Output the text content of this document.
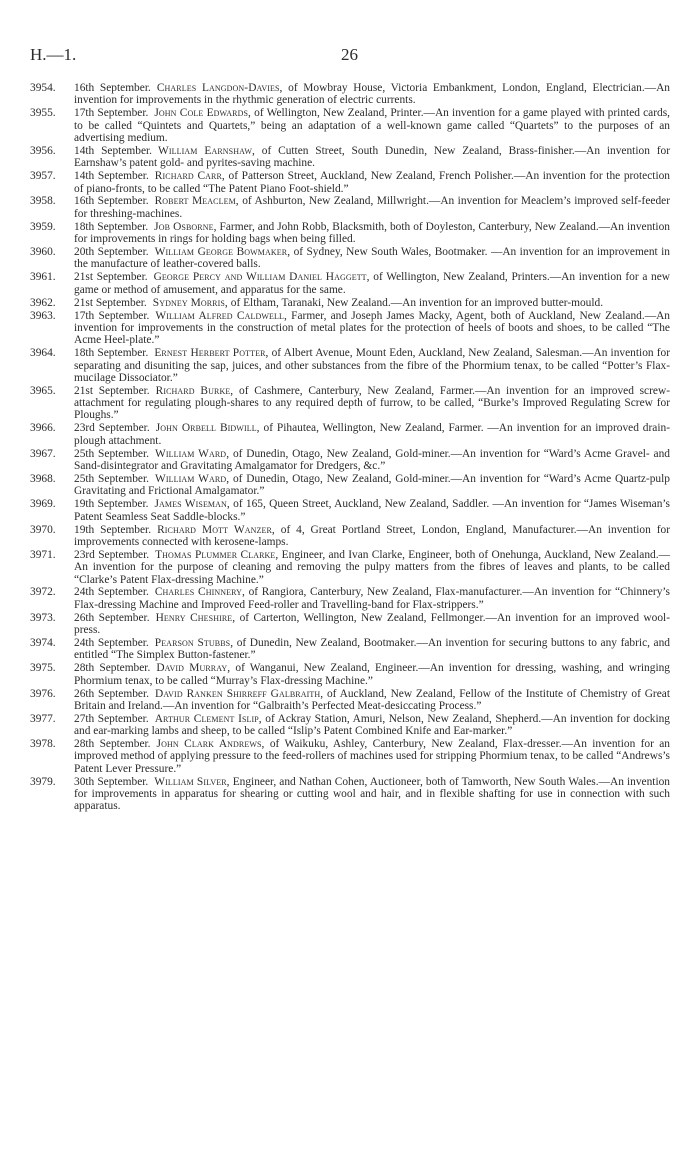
H.—1.	26
3954. 16th September. Charles Langdon-Davies, of Mowbray House, Victoria Embankment, London, England, Electrician.—An invention for improvements in the rhythmic generation of electric currents.
3955. 17th September. John Cole Edwards, of Wellington, New Zealand, Printer.—An invention for a game played with printed cards, to be called “Quintets and Quartets,” being an adaptation of a well-known game called “Quartets” to the purposes of an advertising medium.
3956. 14th September. William Earnshaw, of Cutten Street, South Dunedin, New Zealand, Brass-finisher.—An invention for Earnshaw’s patent gold- and pyrites-saving machine.
3957. 14th September. Richard Carr, of Patterson Street, Auckland, New Zealand, French Polisher.—An invention for the protection of piano-fronts, to be called “The Patent Piano Foot-shield.”
3958. 16th September. Robert Meaclem, of Ashburton, New Zealand, Millwright.—An invention for Meaclem’s improved self-feeder for threshing-machines.
3959. 18th September. Job Osborne, Farmer, and John Robb, Blacksmith, both of Doyleston, Canterbury, New Zealand.—An invention for improvements in rings for holding bags when being filled.
3960. 20th September. William George Bowmaker, of Sydney, New South Wales, Bootmaker. —An invention for an improvement in the manufacture of leather-covered balls.
3961. 21st September. George Percy and William Daniel Haggett, of Wellington, New Zealand, Printers.—An invention for a new game or method of amusement, and apparatus for the same.
3962. 21st September. Sydney Morris, of Eltham, Taranaki, New Zealand.—An invention for an improved butter-mould.
3963. 17th September. William Alfred Caldwell, Farmer, and Joseph James Macky, Agent, both of Auckland, New Zealand.—An invention for improvements in the construction of metal plates for the protection of heels of boots and shoes, to be called “The Acme Heel-plate.”
3964. 18th September. Ernest Herbert Potter, of Albert Avenue, Mount Eden, Auckland, New Zealand, Salesman.—An invention for separating and disuniting the sap, juices, and other substances from the fibre of the Phormium tenax, to be called “Potter’s Flax-mucilage Dissociator.”
3965. 21st September. Richard Burke, of Cashmere, Canterbury, New Zealand, Farmer.—An invention for an improved screw-attachment for regulating plough-shares to any required depth of furrow, to be called, “Burke’s Improved Regulating Screw for Ploughs.”
3966. 23rd September. John Orbell Bidwill, of Pihautea, Wellington, New Zealand, Farmer. —An invention for an improved drain-plough attachment.
3967. 25th September. William Ward, of Dunedin, Otago, New Zealand, Gold-miner.—An invention for “Ward’s Acme Gravel- and Sand-disintegrator and Gravitating Amalgamator for Dredgers, &c.”
3968. 25th September. William Ward, of Dunedin, Otago, New Zealand, Gold-miner.—An invention for “Ward’s Acme Quartz-pulp Gravitating and Frictional Amalgamator.”
3969. 19th September. James Wiseman, of 165, Queen Street, Auckland, New Zealand, Saddler. —An invention for “James Wiseman’s Patent Seamless Seat Saddle-blocks.”
3970. 19th September. Richard Mott Wanzer, of 4, Great Portland Street, London, England, Manufacturer.—An invention for improvements connected with kerosene-lamps.
3971. 23rd September. Thomas Plummer Clarke, Engineer, and Ivan Clarke, Engineer, both of Onehunga, Auckland, New Zealand.—An invention for the purpose of cleaning and removing the pulpy matters from the fibres of leaves and plants, to be called “Clarke’s Patent Flax-dressing Machine.”
3972. 24th September. Charles Chinnery, of Rangiora, Canterbury, New Zealand, Flax-manufacturer.—An invention for “Chinnery’s Flax-dressing Machine and Improved Feed-roller and Travelling-band for Flax-strippers.”
3973. 26th September. Henry Cheshire, of Carterton, Wellington, New Zealand, Fellmonger.—An invention for an improved wool-press.
3974. 24th September. Pearson Stubbs, of Dunedin, New Zealand, Bootmaker.—An invention for securing buttons to any fabric, and entitled “The Simplex Button-fastener.”
3975. 28th September. David Murray, of Wanganui, New Zealand, Engineer.—An invention for dressing, washing, and wringing Phormium tenax, to be called “Murray’s Flax-dressing Machine.”
3976. 26th September. David Ranken Shirreff Galbraith, of Auckland, New Zealand, Fellow of the Institute of Chemistry of Great Britain and Ireland.—An invention for “Galbraith’s Perfected Meat-desiccating Process.”
3977. 27th September. Arthur Clement Islip, of Ackray Station, Amuri, Nelson, New Zealand, Shepherd.—An invention for docking and ear-marking lambs and sheep, to be called “Islip’s Patent Combined Knife and Ear-marker.”
3978. 28th September. John Clark Andrews, of Waikuku, Ashley, Canterbury, New Zealand, Flax-dresser.—An invention for an improved method of applying pressure to the feed-rollers of machines used for stripping Phormium tenax, to be called “Andrews’s Patent Lever Pressure.”
3979. 30th September. William Silver, Engineer, and Nathan Cohen, Auctioneer, both of Tamworth, New South Wales.—An invention for improvements in apparatus for shearing or cutting wool and hair, and in flexible shafting for use in connection with such apparatus.
